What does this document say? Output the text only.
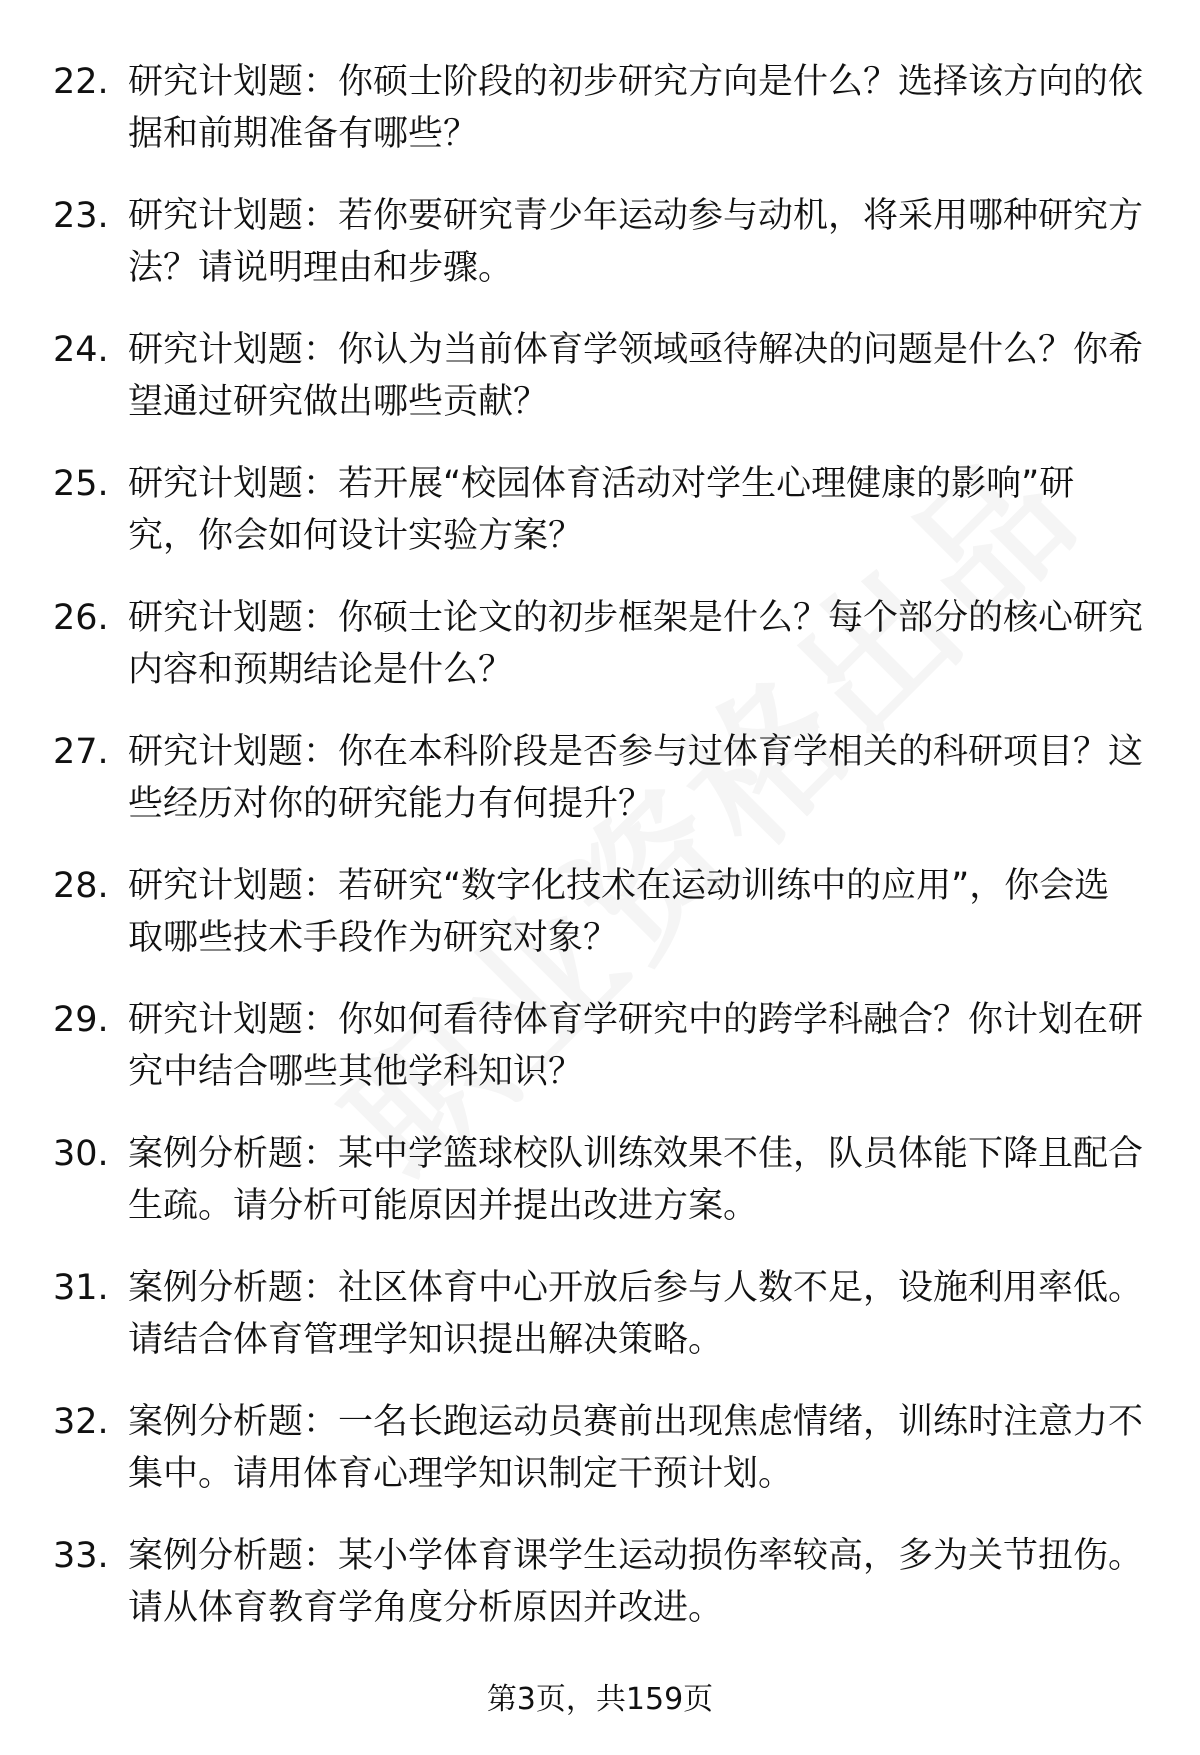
22. 研究计划题：你硕士阶段的初步研究方向是什么？选择该方向的依据和前期准备有哪些？
23. 研究计划题：若你要研究青少年运动参与动机，将采用哪种研究方法？请说明理由和步骤。
24. 研究计划题：你认为当前体育学领域亟待解决的问题是什么？你希望通过研究做出哪些贡献？
25. 研究计划题：若开展“校园体育活动对学生心理健康的影响”研究，你会如何设计实验方案？
26. 研究计划题：你硕士论文的初步框架是什么？每个部分的核心研究内容和预期结论是什么？
27. 研究计划题：你在本科阶段是否参与过体育学相关的科研项目？这些经历对你的研究能力有何提升？
28. 研究计划题：若研究“数字化技术在运动训练中的应用”，你会选取哪些技术手段作为研究对象？
29. 研究计划题：你如何看待体育学研究中的跨学科融合？你计划在研究中结合哪些其他学科知识？
30. 案例分析题：某中学篮球校队训练效果不佳，队员体能下降且配合生疏。请分析可能原因并提出改进方案。
31. 案例分析题：社区体育中心开放后参与人数不足，设施利用率低。请结合体育管理学知识提出解决策略。
32. 案例分析题：一名长跑运动员赛前出现焦虑情绪，训练时注意力不集中。请用体育心理学知识制定干预计划。
33. 案例分析题：某小学体育课学生运动损伤率较高，多为关节扭伤。请从体育教育学角度分析原因并改进。
第3页，共159页
